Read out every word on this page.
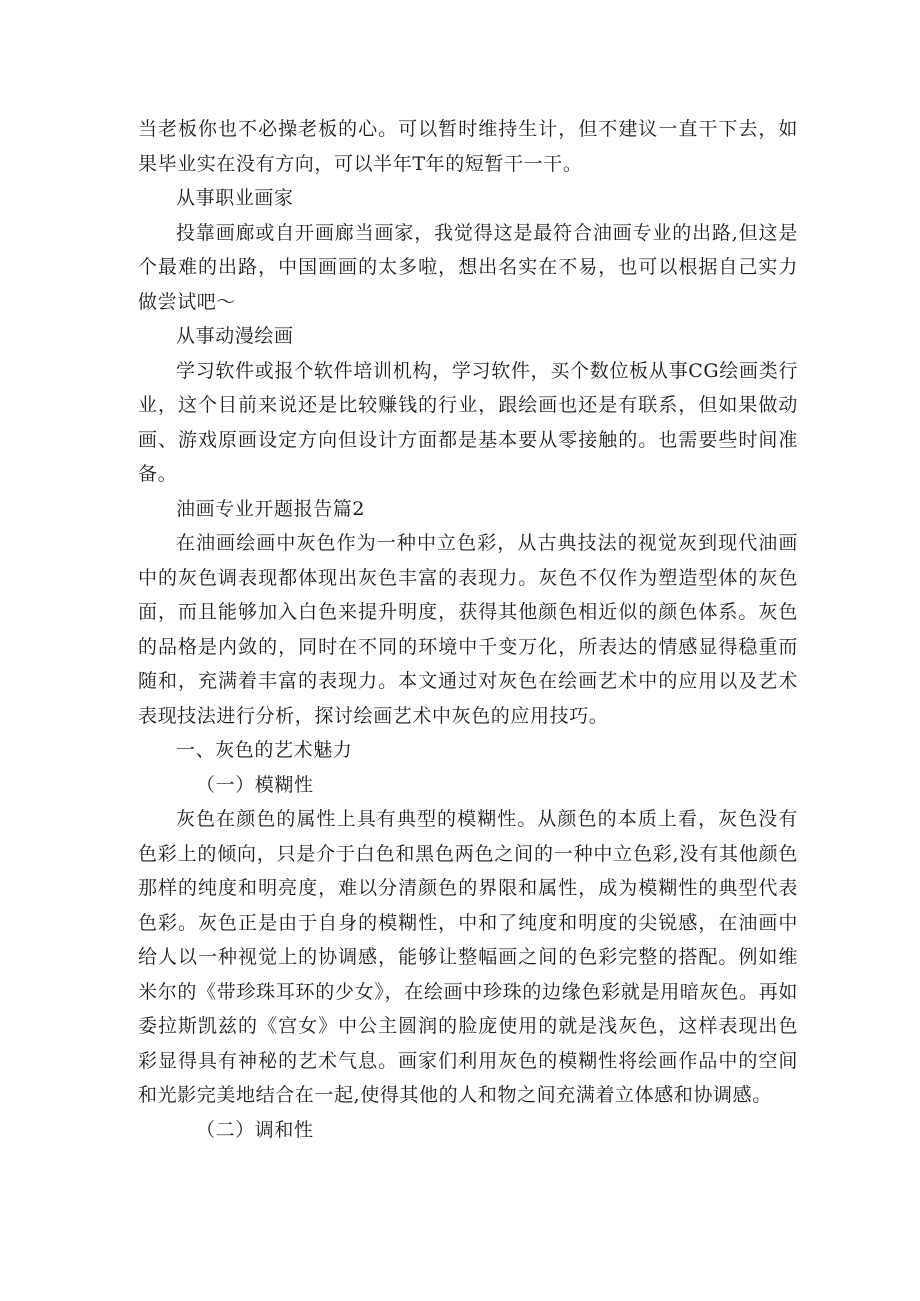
当老板你也不必操老板的心。可以暂时维持生计，但不建议一直干下去，如果毕业实在没有方向，可以半年T年的短暂干一干。

从事职业画家

投靠画廊或自开画廊当画家，我觉得这是最符合油画专业的出路,但这是个最难的出路，中国画画的太多啦，想出名实在不易，也可以根据自己实力做尝试吧～

从事动漫绘画

学习软件或报个软件培训机构，学习软件，买个数位板从事CG绘画类行业，这个目前来说还是比较赚钱的行业，跟绘画也还是有联系，但如果做动画、游戏原画设定方向但设计方面都是基本要从零接触的。也需要些时间准备。

油画专业开题报告篇2

在油画绘画中灰色作为一种中立色彩，从古典技法的视觉灰到现代油画中的灰色调表现都体现出灰色丰富的表现力。灰色不仅作为塑造型体的灰色面，而且能够加入白色来提升明度，获得其他颜色相近似的颜色体系。灰色的品格是内敛的，同时在不同的环境中千变万化，所表达的情感显得稳重而随和，充满着丰富的表现力。本文通过对灰色在绘画艺术中的应用以及艺术表现技法进行分析，探讨绘画艺术中灰色的应用技巧。

一、灰色的艺术魅力

（一）模糊性

灰色在颜色的属性上具有典型的模糊性。从颜色的本质上看，灰色没有色彩上的倾向，只是介于白色和黑色两色之间的一种中立色彩,没有其他颜色那样的纯度和明亮度，难以分清颜色的界限和属性，成为模糊性的典型代表色彩。灰色正是由于自身的模糊性，中和了纯度和明度的尖锐感，在油画中给人以一种视觉上的协调感，能够让整幅画之间的色彩完整的搭配。例如维米尔的《带珍珠耳环的少女》，在绘画中珍珠的边缘色彩就是用暗灰色。再如委拉斯凯兹的《宫女》中公主圆润的脸庞使用的就是浅灰色，这样表现出色彩显得具有神秘的艺术气息。画家们利用灰色的模糊性将绘画作品中的空间和光影完美地结合在一起,使得其他的人和物之间充满着立体感和协调感。

（二）调和性
